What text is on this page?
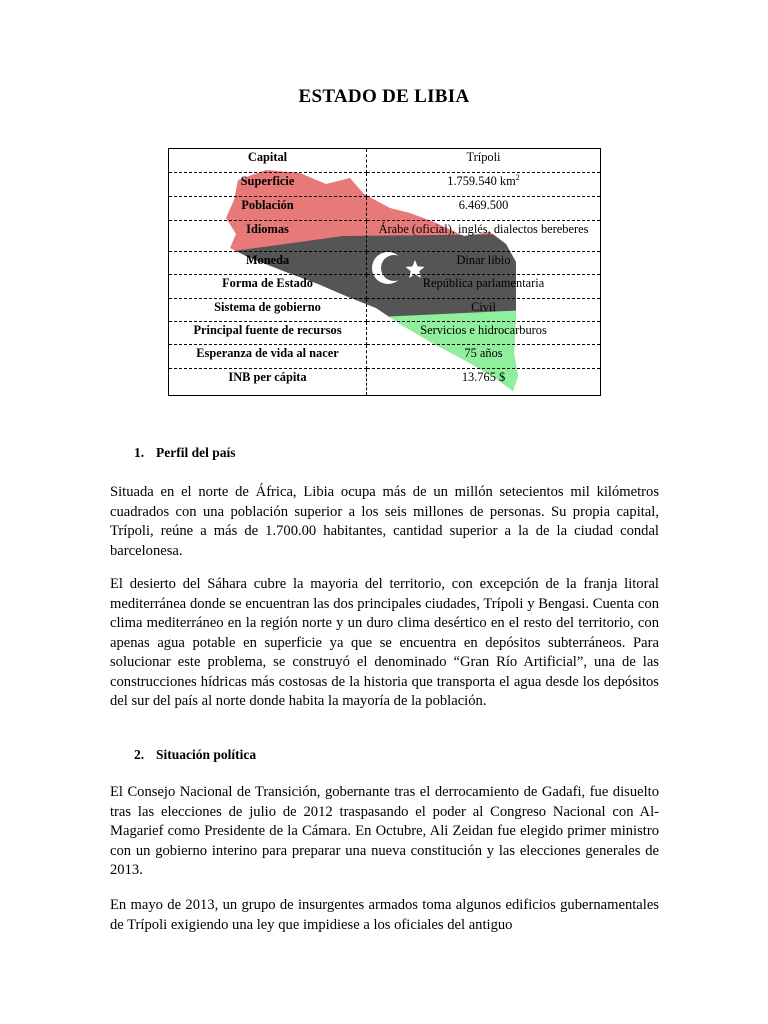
ESTADO DE LIBIA
Capital	Trípoli
Superficie	1.759.540 $km^2$
Población	6.469.500
Idiomas	Árabe (oficial), inglés, dialectos bereberes
Moneda	Dinar libio
Forma de Estado	República parlamentaria
Sistema de gobierno	Civil
Principal fuente de recursos	Servicios e hidrocarburos
Esperanza de vida al nacer	75 años
INB per cápita	13.765 $
1. Perfil del país

Situada en el norte de África, Libia ocupa más de un millón setecientos mil kilómetros cuadrados con una población superior a los seis millones de personas. Su propia capital, Trípoli, reúne a más de 1.700.00 habitantes, cantidad superior a la de la ciudad condal barcelonesa.

El desierto del Sáhara cubre la mayoria del territorio, con excepción de la franja litoral mediterránea donde se encuentran las dos principales ciudades, Trípoli y Bengasi. Cuenta con clima mediterráneo en la región norte y un duro clima desértico en el resto del territorio, con apenas agua potable en superficie ya que se encuentra en depósitos subterráneos. Para solucionar este problema, se construyó el denominado “Gran Río Artificial”, una de las construcciones hídricas más costosas de la historia que transporta el agua desde los depósitos del sur del país al norte donde habita la mayoría de la población.

2. Situación política

El Consejo Nacional de Transición, gobernante tras el derrocamiento de Gadafi, fue disuelto tras las elecciones de julio de 2012 traspasando el poder al Congreso Nacional con Al-Magarief como Presidente de la Cámara. En Octubre, Ali Zeidan fue elegido primer ministro con un gobierno interino para preparar una nueva constitución y las elecciones generales de 2013.

En mayo de 2013, un grupo de insurgentes armados toma algunos edificios gubernamentales de Trípoli exigiendo una ley que impidiese a los oficiales del antiguo
